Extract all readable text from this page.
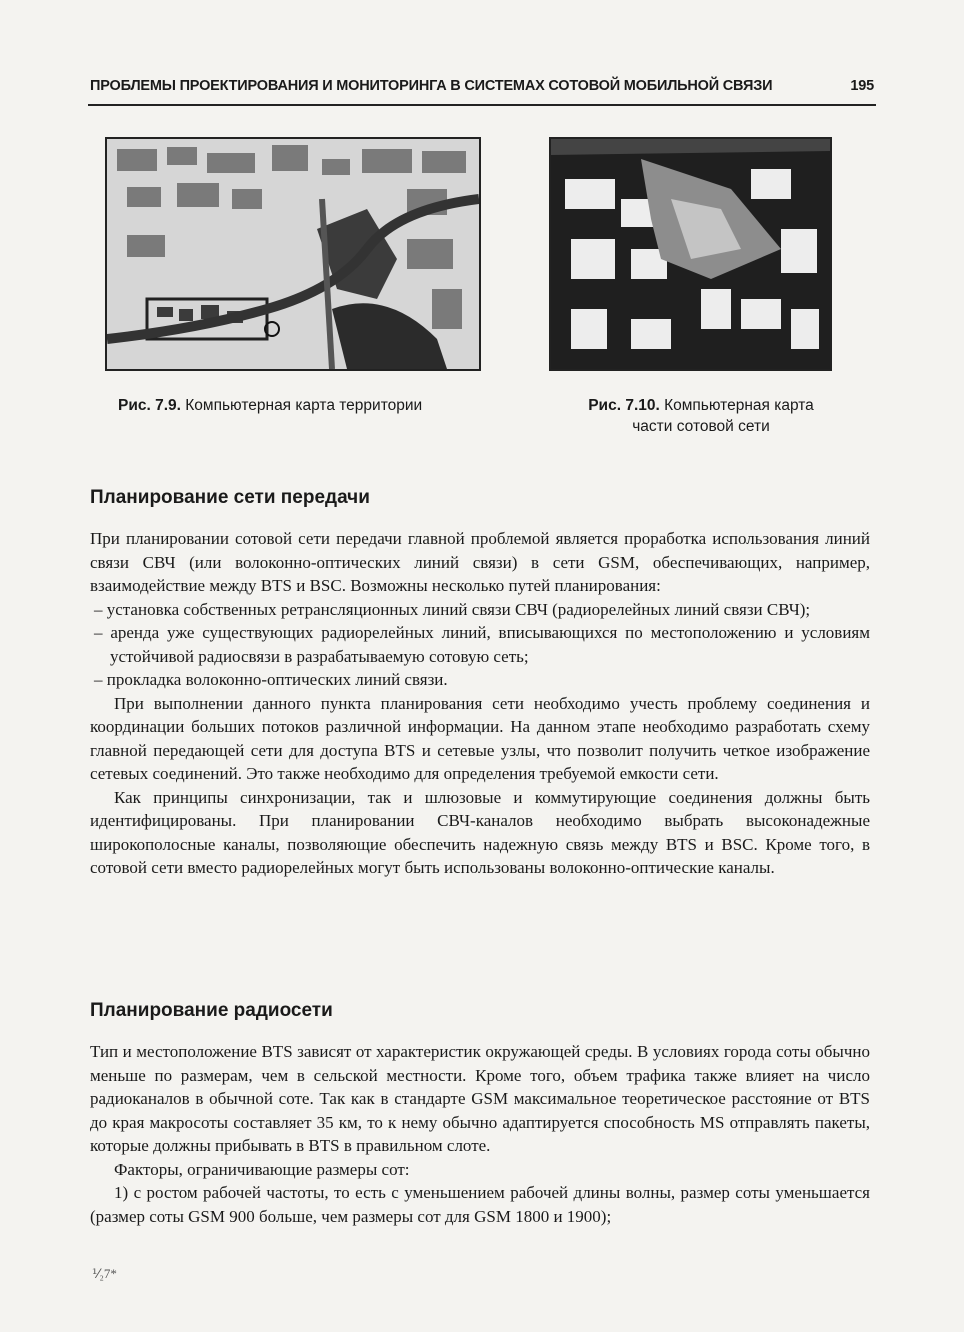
ПРОБЛЕМЫ ПРОЕКТИРОВАНИЯ И МОНИТОРИНГА В СИСТЕМАХ СОТОВОЙ МОБИЛЬНОЙ СВЯЗИ	195
Рис. 7.9. Компьютерная карта территории	Рис. 7.10. Компьютерная карта
части сотовой сети
Планирование сети передачи

При планировании сотовой сети передачи главной проблемой является проработка использования линий связи СВЧ (или волоконно-оптических линий связи) в сети GSM, обеспечивающих, например, взаимодействие между BTS и BSC. Возможны несколько путей планирования:

– установка собственных ретрансляционных линий связи СВЧ (радиорелейных линий связи СВЧ);

– аренда уже существующих радиорелейных линий, вписывающихся по местоположению и условиям устойчивой радиосвязи в разрабатываемую сотовую сеть;

– прокладка волоконно-оптических линий связи.

При выполнении данного пункта планирования сети необходимо учесть проблему соединения и координации больших потоков различной информации. На данном этапе необходимо разработать схему главной передающей сети для доступа BTS и сетевые узлы, что позволит получить четкое изображение сетевых соединений. Это также необходимо для определения требуемой емкости сети.

Как принципы синхронизации, так и шлюзовые и коммутирующие соединения должны быть идентифицированы. При планировании СВЧ-каналов необходимо выбрать высоконадежные широкополосные каналы, позволяющие обеспечить надежную связь между BTS и BSC. Кроме того, в сотовой сети вместо радиорелейных могут быть использованы волоконно-оптические каналы.

Планирование радиосети

Тип и местоположение BTS зависят от характеристик окружающей среды. В условиях города соты обычно меньше по размерам, чем в сельской местности. Кроме того, объем трафика также влияет на число радиоканалов в обычной соте. Так как в стандарте GSM максимальное теоретическое расстояние от BTS до края макросоты составляет 35 км, то к нему обычно адаптируется способность MS отправлять пакеты, которые должны прибывать в BTS в правильном слоте.

Факторы, ограничивающие размеры сот:

1) с ростом рабочей частоты, то есть с уменьшением рабочей длины волны, размер соты уменьшается (размер соты GSM 900 больше, чем размеры сот для GSM 1800 и 1900);

⅟₂7*
